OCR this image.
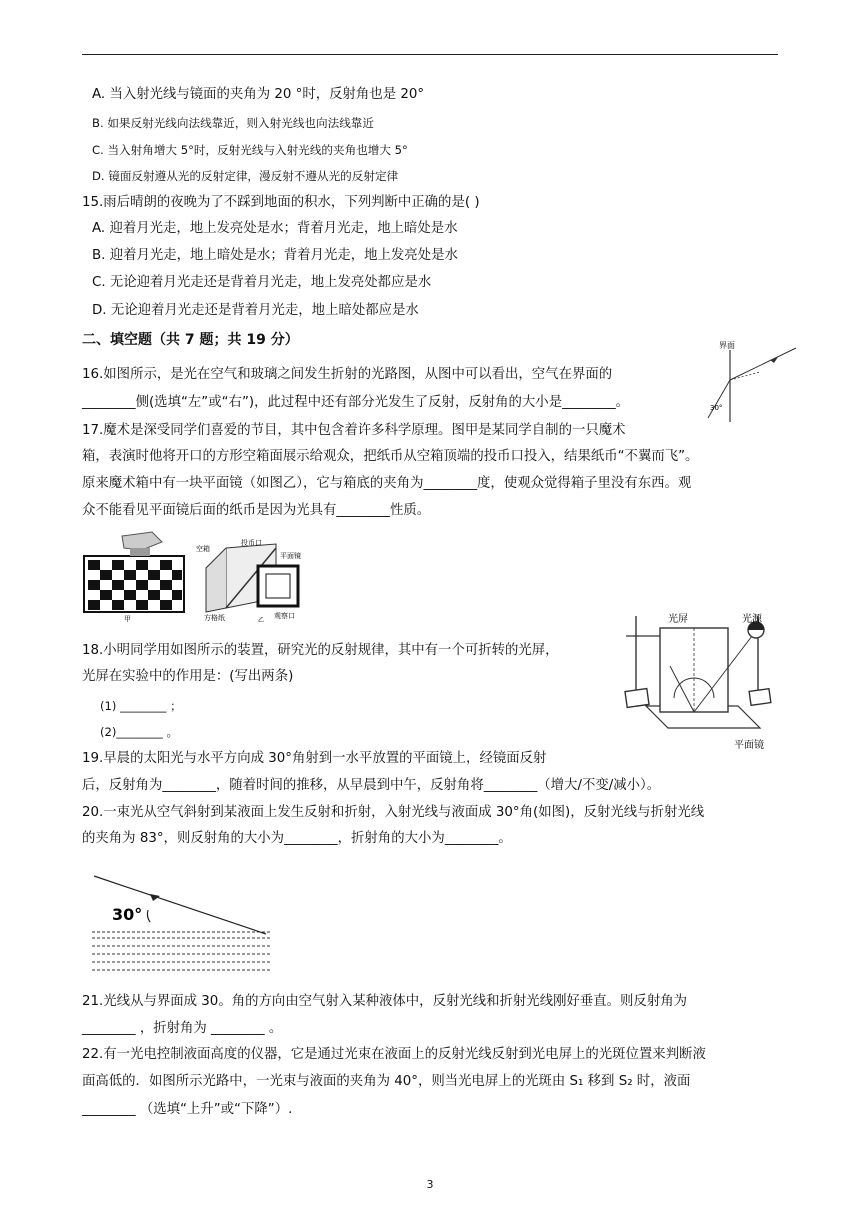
A. 当入射光线与镜面的夹角为 20 °时，反射角也是 20°
B. 如果反射光线向法线靠近，则入射光线也向法线靠近
C. 当入射角增大 5°时，反射光线与入射光线的夹角也增大 5°
D. 镜面反射遵从光的反射定律，漫反射不遵从光的反射定律
15.雨后晴朗的夜晚为了不踩到地面的积水，下列判断中正确的是( )
A. 迎着月光走，地上发亮处是水；背着月光走，地上暗处是水
B. 迎着月光走，地上暗处是水；背着月光走，地上发亮处是水
C. 无论迎着月光走还是背着月光走，地上发亮处都应是水
D. 无论迎着月光走还是背着月光走，地上暗处都应是水
二、填空题（共 7 题；共 19 分）
16.如图所示，是光在空气和玻璃之间发生折射的光路图，从图中可以看出，空气在界面的
________侧(选填“左”或“右”)，此过程中还有部分光发生了反射，反射角的大小是________。
界面
30°
17.魔术是深受同学们喜爱的节目，其中包含着许多科学原理。图甲是某同学自制的一只魔术
箱，表演时他将开口的方形空箱面展示给观众，把纸币从空箱顶端的投币口投入，结果纸币“不翼而飞”。
原来魔术箱中有一块平面镜（如图乙），它与箱底的夹角为________度，使观众觉得箱子里没有东西。观
众不能看见平面镜后面的纸币是因为光具有________性质。
甲
空箱
投币口
平面镜
方格纸	观察口
乙
18.小明同学用如图所示的装置，研究光的反射规律，其中有一个可折转的光屏，
光屏在实验中的作用是：(写出两条)
(1) ________ ；
(2)________ 。
光屏	光源
平面镜
19.早晨的太阳光与水平方向成 30°角射到一水平放置的平面镜上，经镜面反射
后，反射角为________，随着时间的推移，从早晨到中午，反射角将________（增大/不变/减小）。
20.一束光从空气斜射到某液面上发生反射和折射，入射光线与液面成 30°角(如图)，反射光线与折射光线
的夹角为 83°，则反射角的大小为________，折射角的大小为________。
30°
21.光线从与界面成 30。角的方向由空气射入某种液体中，反射光线和折射光线刚好垂直。则反射角为
________ ，折射角为 ________ 。
22.有一光电控制液面高度的仪器，它是通过光束在液面上的反射光线反射到光电屏上的光斑位置来判断液
面高低的．如图所示光路中，一光束与液面的夹角为 40°，则当光电屏上的光斑由 S₁ 移到 S₂ 时，液面
________ （选填“上升”或“下降”）.
3
